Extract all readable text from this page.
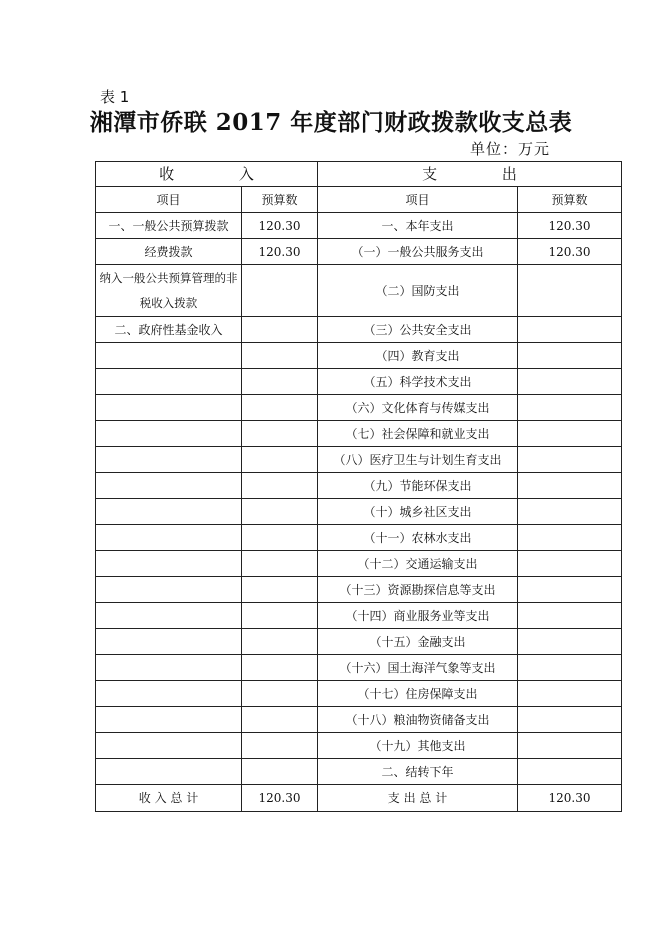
表 1
湘潭市侨联 2017 年度部门财政拨款收支总表
单位：万元
收 入		支 出	
项目	预算数	项目	预算数
一、一般公共预算拨款	120.30	一、本年支出	120.30
经费拨款	120.30	（一）一般公共服务支出	120.30
纳入一般公共预算管理的非税收入拨款		（二）国防支出	
二、政府性基金收入		（三）公共安全支出	
		（四）教育支出	
		（五）科学技术支出	
		（六）文化体育与传媒支出	
		（七）社会保障和就业支出	
		（八）医疗卫生与计划生育支出	
		（九）节能环保支出	
		（十）城乡社区支出	
		（十一）农林水支出	
		（十二）交通运输支出	
		（十三）资源勘探信息等支出	
		（十四）商业服务业等支出	
		（十五）金融支出	
		（十六）国土海洋气象等支出	
		（十七）住房保障支出	
		（十八）粮油物资储备支出	
		（十九）其他支出	
		二、结转下年	
收 入 总 计	120.30	支 出 总 计	120.30
